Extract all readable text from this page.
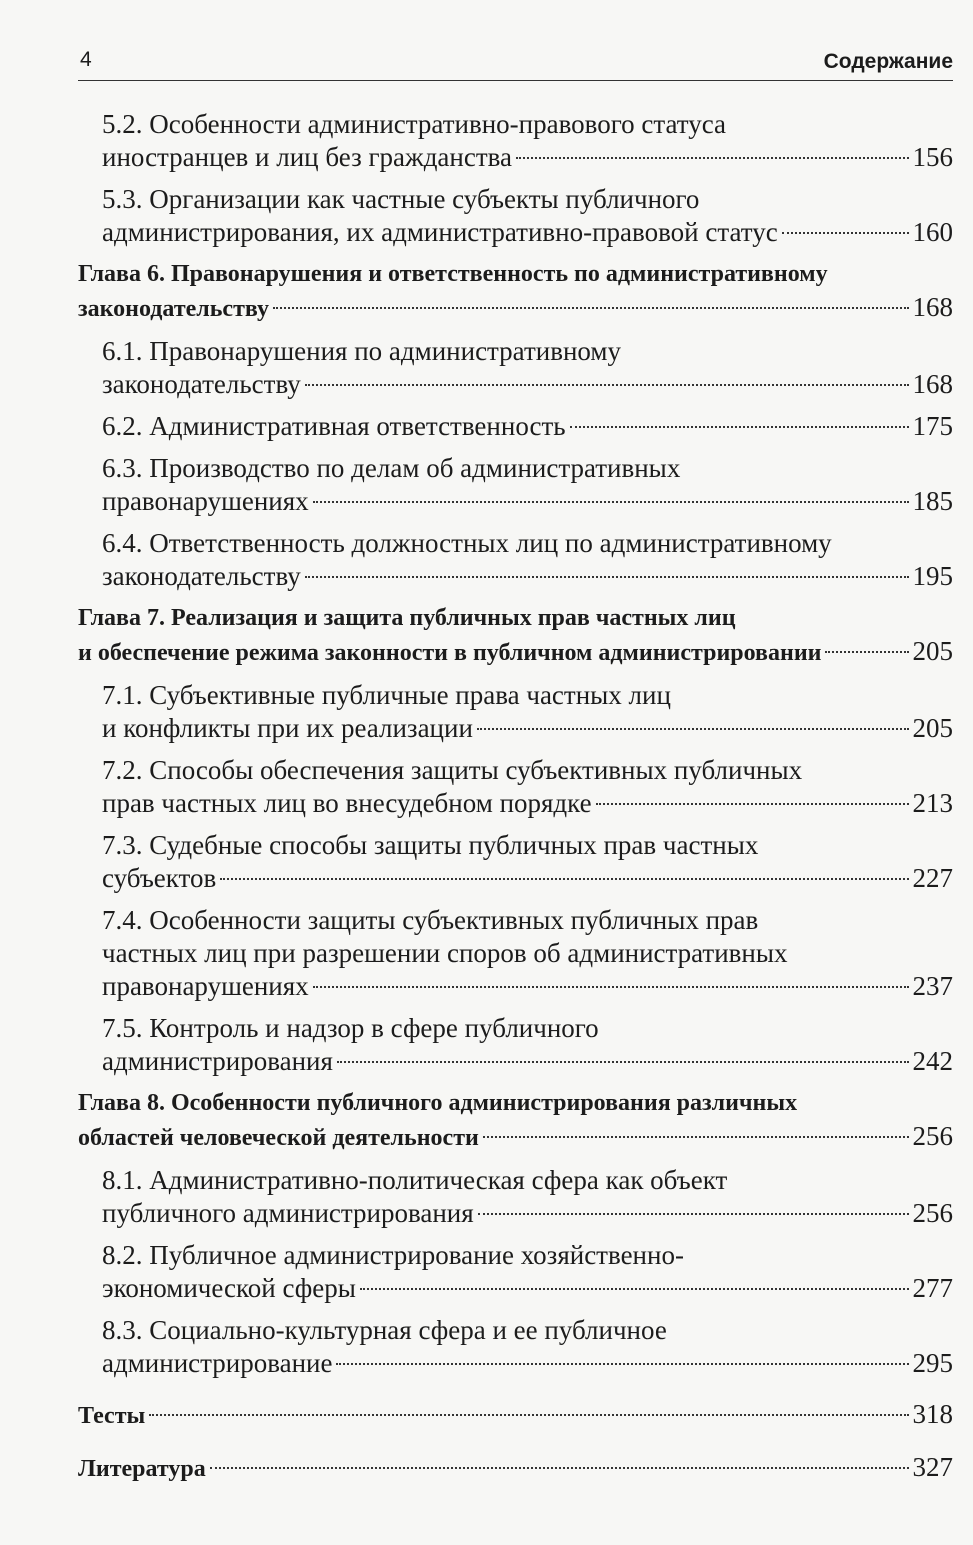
4	Содержание
5.2. Особенности административно-правового статуса
иностранцев и лиц без гражданства	156
5.3. Организации как частные субъекты публичного
администрирования, их административно-правовой статус	160
Глава 6. Правонарушения и ответственность по административному
законодательству	168
6.1. Правонарушения по административному
законодательству	168
6.2. Административная ответственность	175
6.3. Производство по делам об административных
правонарушениях	185
6.4. Ответственность должностных лиц по административному
законодательству	195
Глава 7. Реализация и защита публичных прав частных лиц
и обеспечение режима законности в публичном администрировании	205
7.1. Субъективные публичные права частных лиц
и конфликты при их реализации	205
7.2. Способы обеспечения защиты субъективных публичных
прав частных лиц во внесудебном порядке	213
7.3. Судебные способы защиты публичных прав частных
субъектов	227
7.4. Особенности защиты субъективных публичных прав
частных лиц при разрешении споров об административных
правонарушениях	237
7.5. Контроль и надзор в сфере публичного
администрирования	242
Глава 8. Особенности публичного администрирования различных
областей человеческой деятельности	256
8.1. Административно-политическая сфера как объект
публичного администрирования	256
8.2. Публичное администрирование хозяйственно-
экономической сферы	277
8.3. Социально-культурная сфера и ее публичное
администрирование	295
Тесты	318
Литература	327
